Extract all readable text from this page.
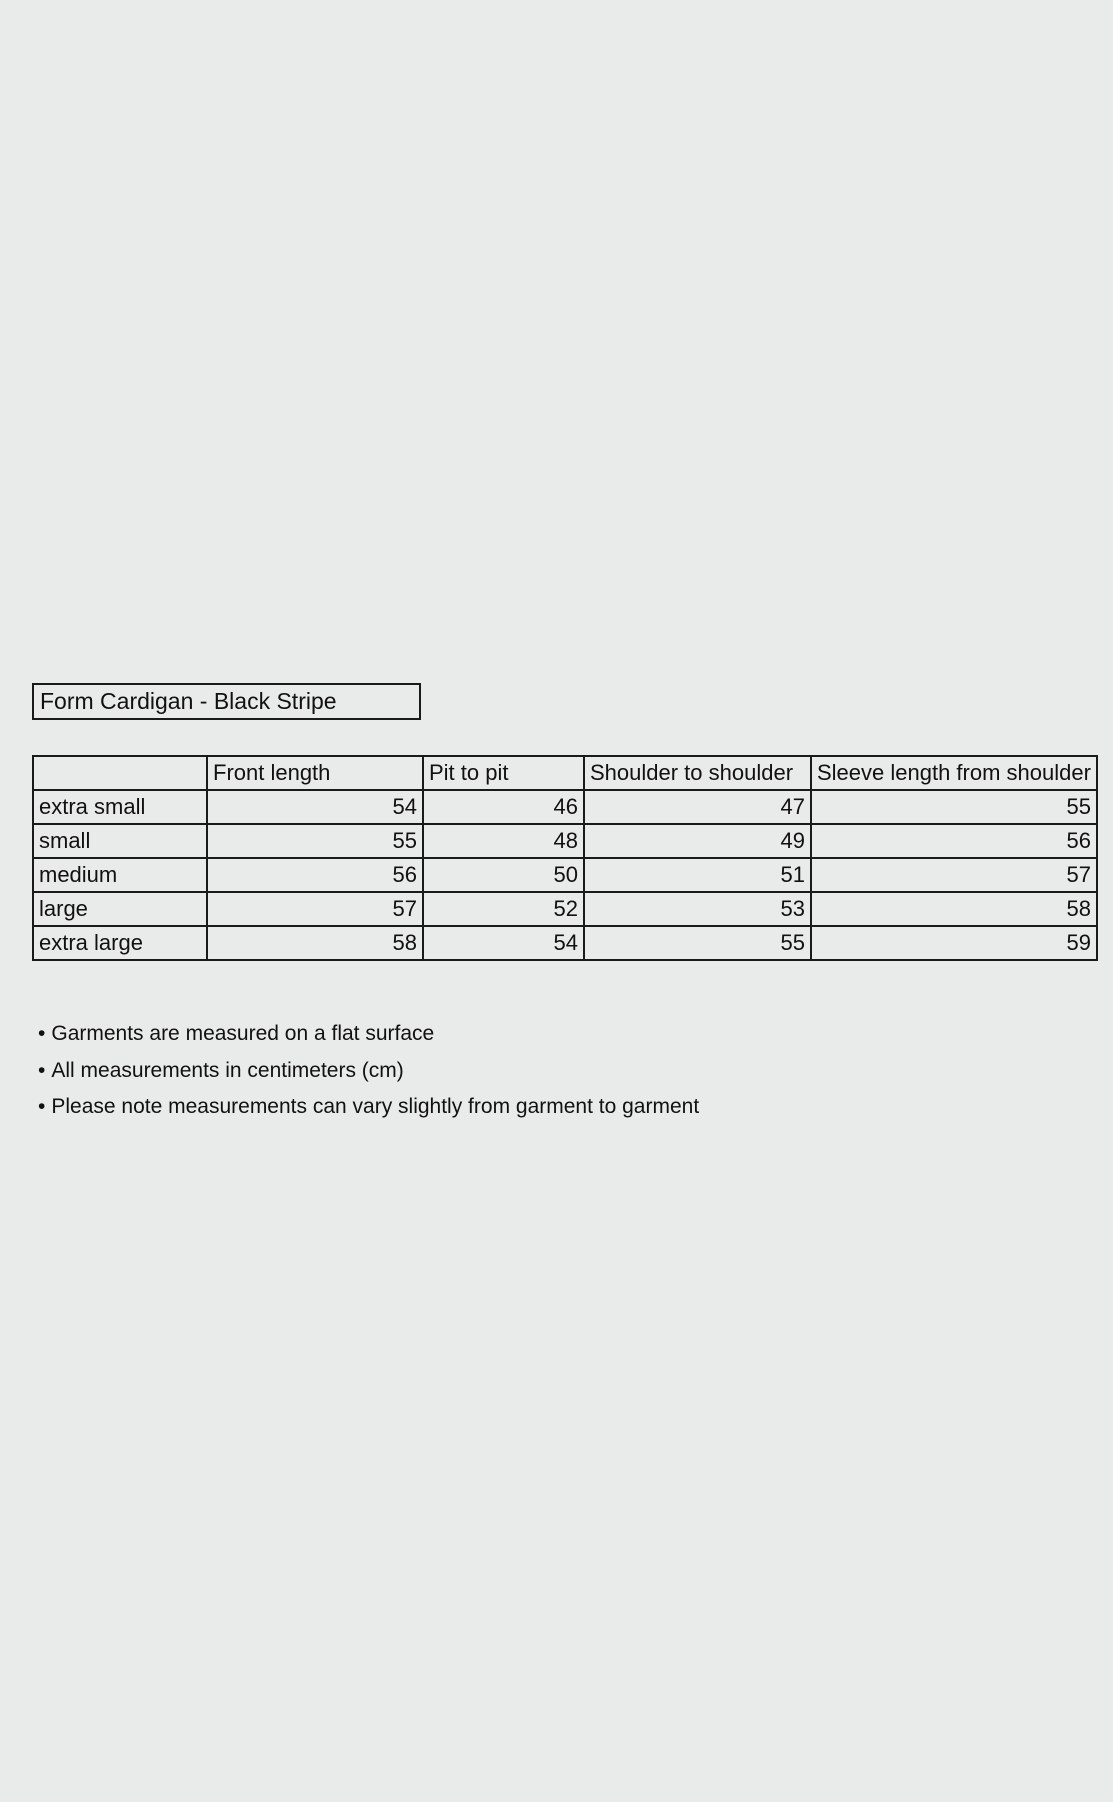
Form Cardigan - Black Stripe
	Front length	Pit to pit	Shoulder to shoulder	Sleeve length from shoulder
extra small	54	46	47	55
small	55	48	49	56
medium	56	50	51	57
large	57	52	53	58
extra large	58	54	55	59
• Garments are measured on a flat surface
• All measurements in centimeters (cm)
• Please note measurements can vary slightly from garment to garment
